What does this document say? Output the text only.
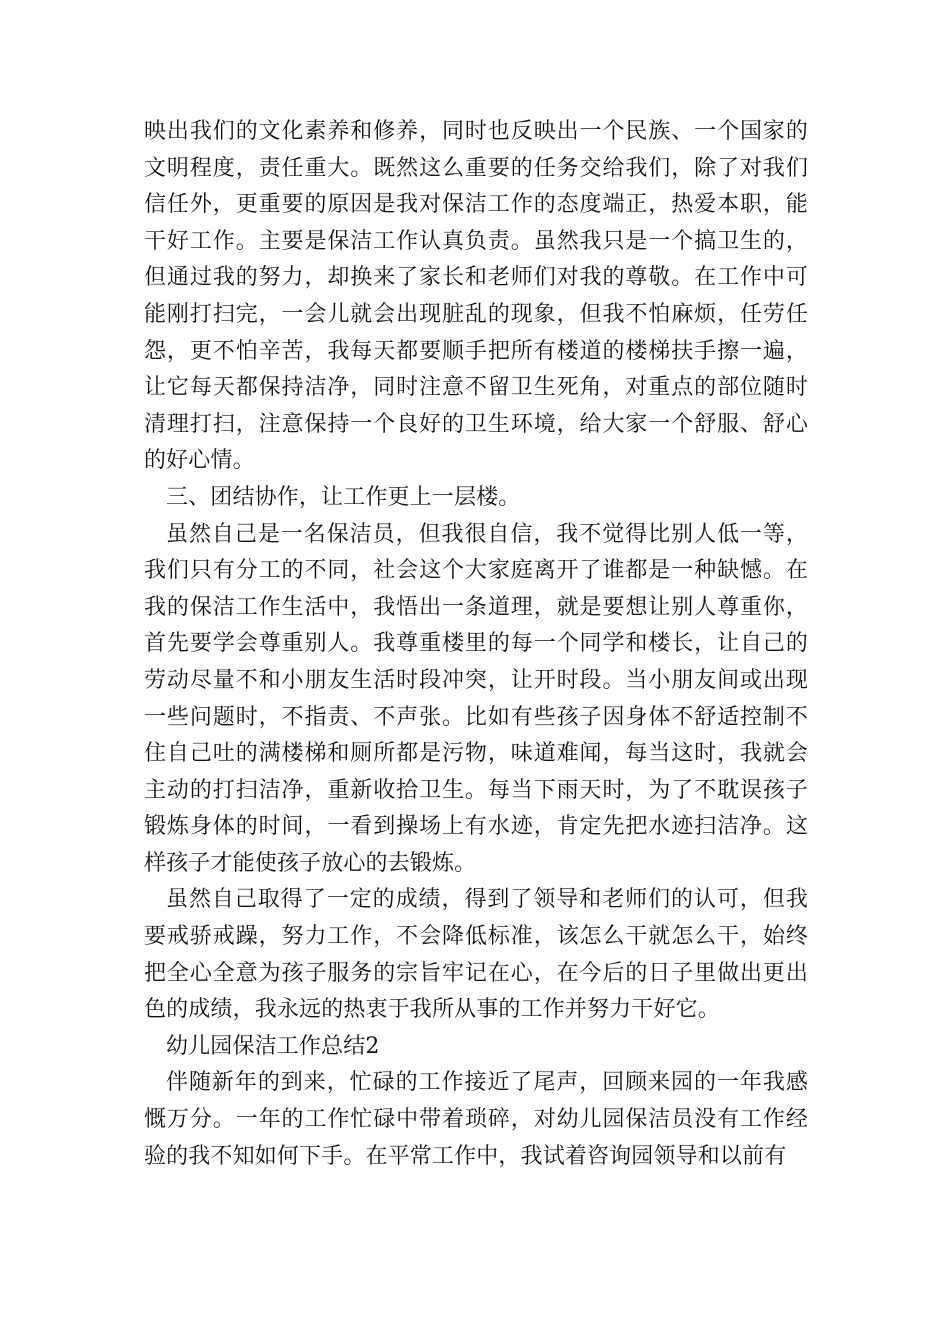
映出我们的文化素养和修养，同时也反映出一个民族、一个国家的文明程度，责任重大。既然这么重要的任务交给我们，除了对我们信任外，更重要的原因是我对保洁工作的态度端正，热爱本职，能干好工作。主要是保洁工作认真负责。虽然我只是一个搞卫生的，但通过我的努力，却换来了家长和老师们对我的尊敬。在工作中可能刚打扫完，一会儿就会出现脏乱的现象，但我不怕麻烦，任劳任怨，更不怕辛苦，我每天都要顺手把所有楼道的楼梯扶手擦一遍，让它每天都保持洁净，同时注意不留卫生死角，对重点的部位随时清理打扫，注意保持一个良好的卫生环境，给大家一个舒服、舒心的好心情。

三、团结协作，让工作更上一层楼。

虽然自己是一名保洁员，但我很自信，我不觉得比别人低一等，我们只有分工的不同，社会这个大家庭离开了谁都是一种缺憾。在我的保洁工作生活中，我悟出一条道理，就是要想让别人尊重你，首先要学会尊重别人。我尊重楼里的每一个同学和楼长，让自己的劳动尽量不和小朋友生活时段冲突，让开时段。当小朋友间或出现一些问题时，不指责、不声张。比如有些孩子因身体不舒适控制不住自己吐的满楼梯和厕所都是污物，味道难闻，每当这时，我就会主动的打扫洁净，重新收拾卫生。每当下雨天时，为了不耽误孩子锻炼身体的时间，一看到操场上有水迹，肯定先把水迹扫洁净。这样孩子才能使孩子放心的去锻炼。

虽然自己取得了一定的成绩，得到了领导和老师们的认可，但我要戒骄戒躁，努力工作，不会降低标准，该怎么干就怎么干，始终把全心全意为孩子服务的宗旨牢记在心，在今后的日子里做出更出色的成绩，我永远的热衷于我所从事的工作并努力干好它。

幼儿园保洁工作总结2

伴随新年的到来，忙碌的工作接近了尾声，回顾来园的一年我感慨万分。一年的工作忙碌中带着琐碎，对幼儿园保洁员没有工作经验的我不知如何下手。在平常工作中，我试着咨询园领导和以前有
